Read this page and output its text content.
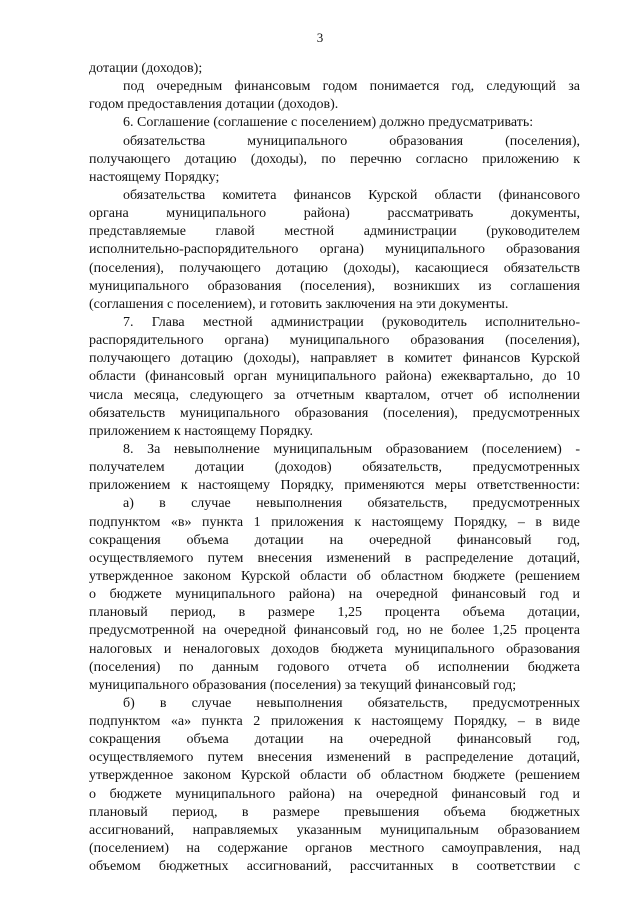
3
дотации (доходов);
под очередным финансовым годом понимается год, следующий за
годом предоставления дотации (доходов).
6. Соглашение (соглашение с поселением) должно предусматривать:
обязательства муниципального образования (поселения),
получающего дотацию (доходы), по перечню согласно приложению к
настоящему Порядку;
обязательства комитета финансов Курской области (финансового
органа муниципального района) рассматривать документы,
представляемые главой местной администрации (руководителем
исполнительно-распорядительного органа) муниципального образования
(поселения), получающего дотацию (доходы), касающиеся обязательств
муниципального образования (поселения), возникших из соглашения
(соглашения с поселением), и готовить заключения на эти документы.
7. Глава местной администрации (руководитель исполнительно-
распорядительного органа) муниципального образования (поселения),
получающего дотацию (доходы), направляет в комитет финансов Курской
области (финансовый орган муниципального района) ежеквартально, до 10
числа месяца, следующего за отчетным кварталом, отчет об исполнении
обязательств муниципального образования (поселения), предусмотренных
приложением к настоящему Порядку.
8. За невыполнение муниципальным образованием (поселением) -
получателем дотации (доходов) обязательств, предусмотренных
приложением к настоящему Порядку, применяются меры ответственности:
а) в случае невыполнения обязательств, предусмотренных
подпунктом «в» пункта 1 приложения к настоящему Порядку, – в виде
сокращения объема дотации на очередной финансовый год,
осуществляемого путем внесения изменений в распределение дотаций,
утвержденное законом Курской области об областном бюджете (решением
о бюджете муниципального района) на очередной финансовый год и
плановый период, в размере 1,25 процента объема дотации,
предусмотренной на очередной финансовый год, но не более 1,25 процента
налоговых и неналоговых доходов бюджета муниципального образования
(поселения) по данным годового отчета об исполнении бюджета
муниципального образования (поселения) за текущий финансовый год;
б) в случае невыполнения обязательств, предусмотренных
подпунктом «а» пункта 2 приложения к настоящему Порядку, – в виде
сокращения объема дотации на очередной финансовый год,
осуществляемого путем внесения изменений в распределение дотаций,
утвержденное законом Курской области об областном бюджете (решением
о бюджете муниципального района) на очередной финансовый год и
плановый период, в размере превышения объема бюджетных
ассигнований, направляемых указанным муниципальным образованием
(поселением) на содержание органов местного самоуправления, над
объемом бюджетных ассигнований, рассчитанных в соответствии с
